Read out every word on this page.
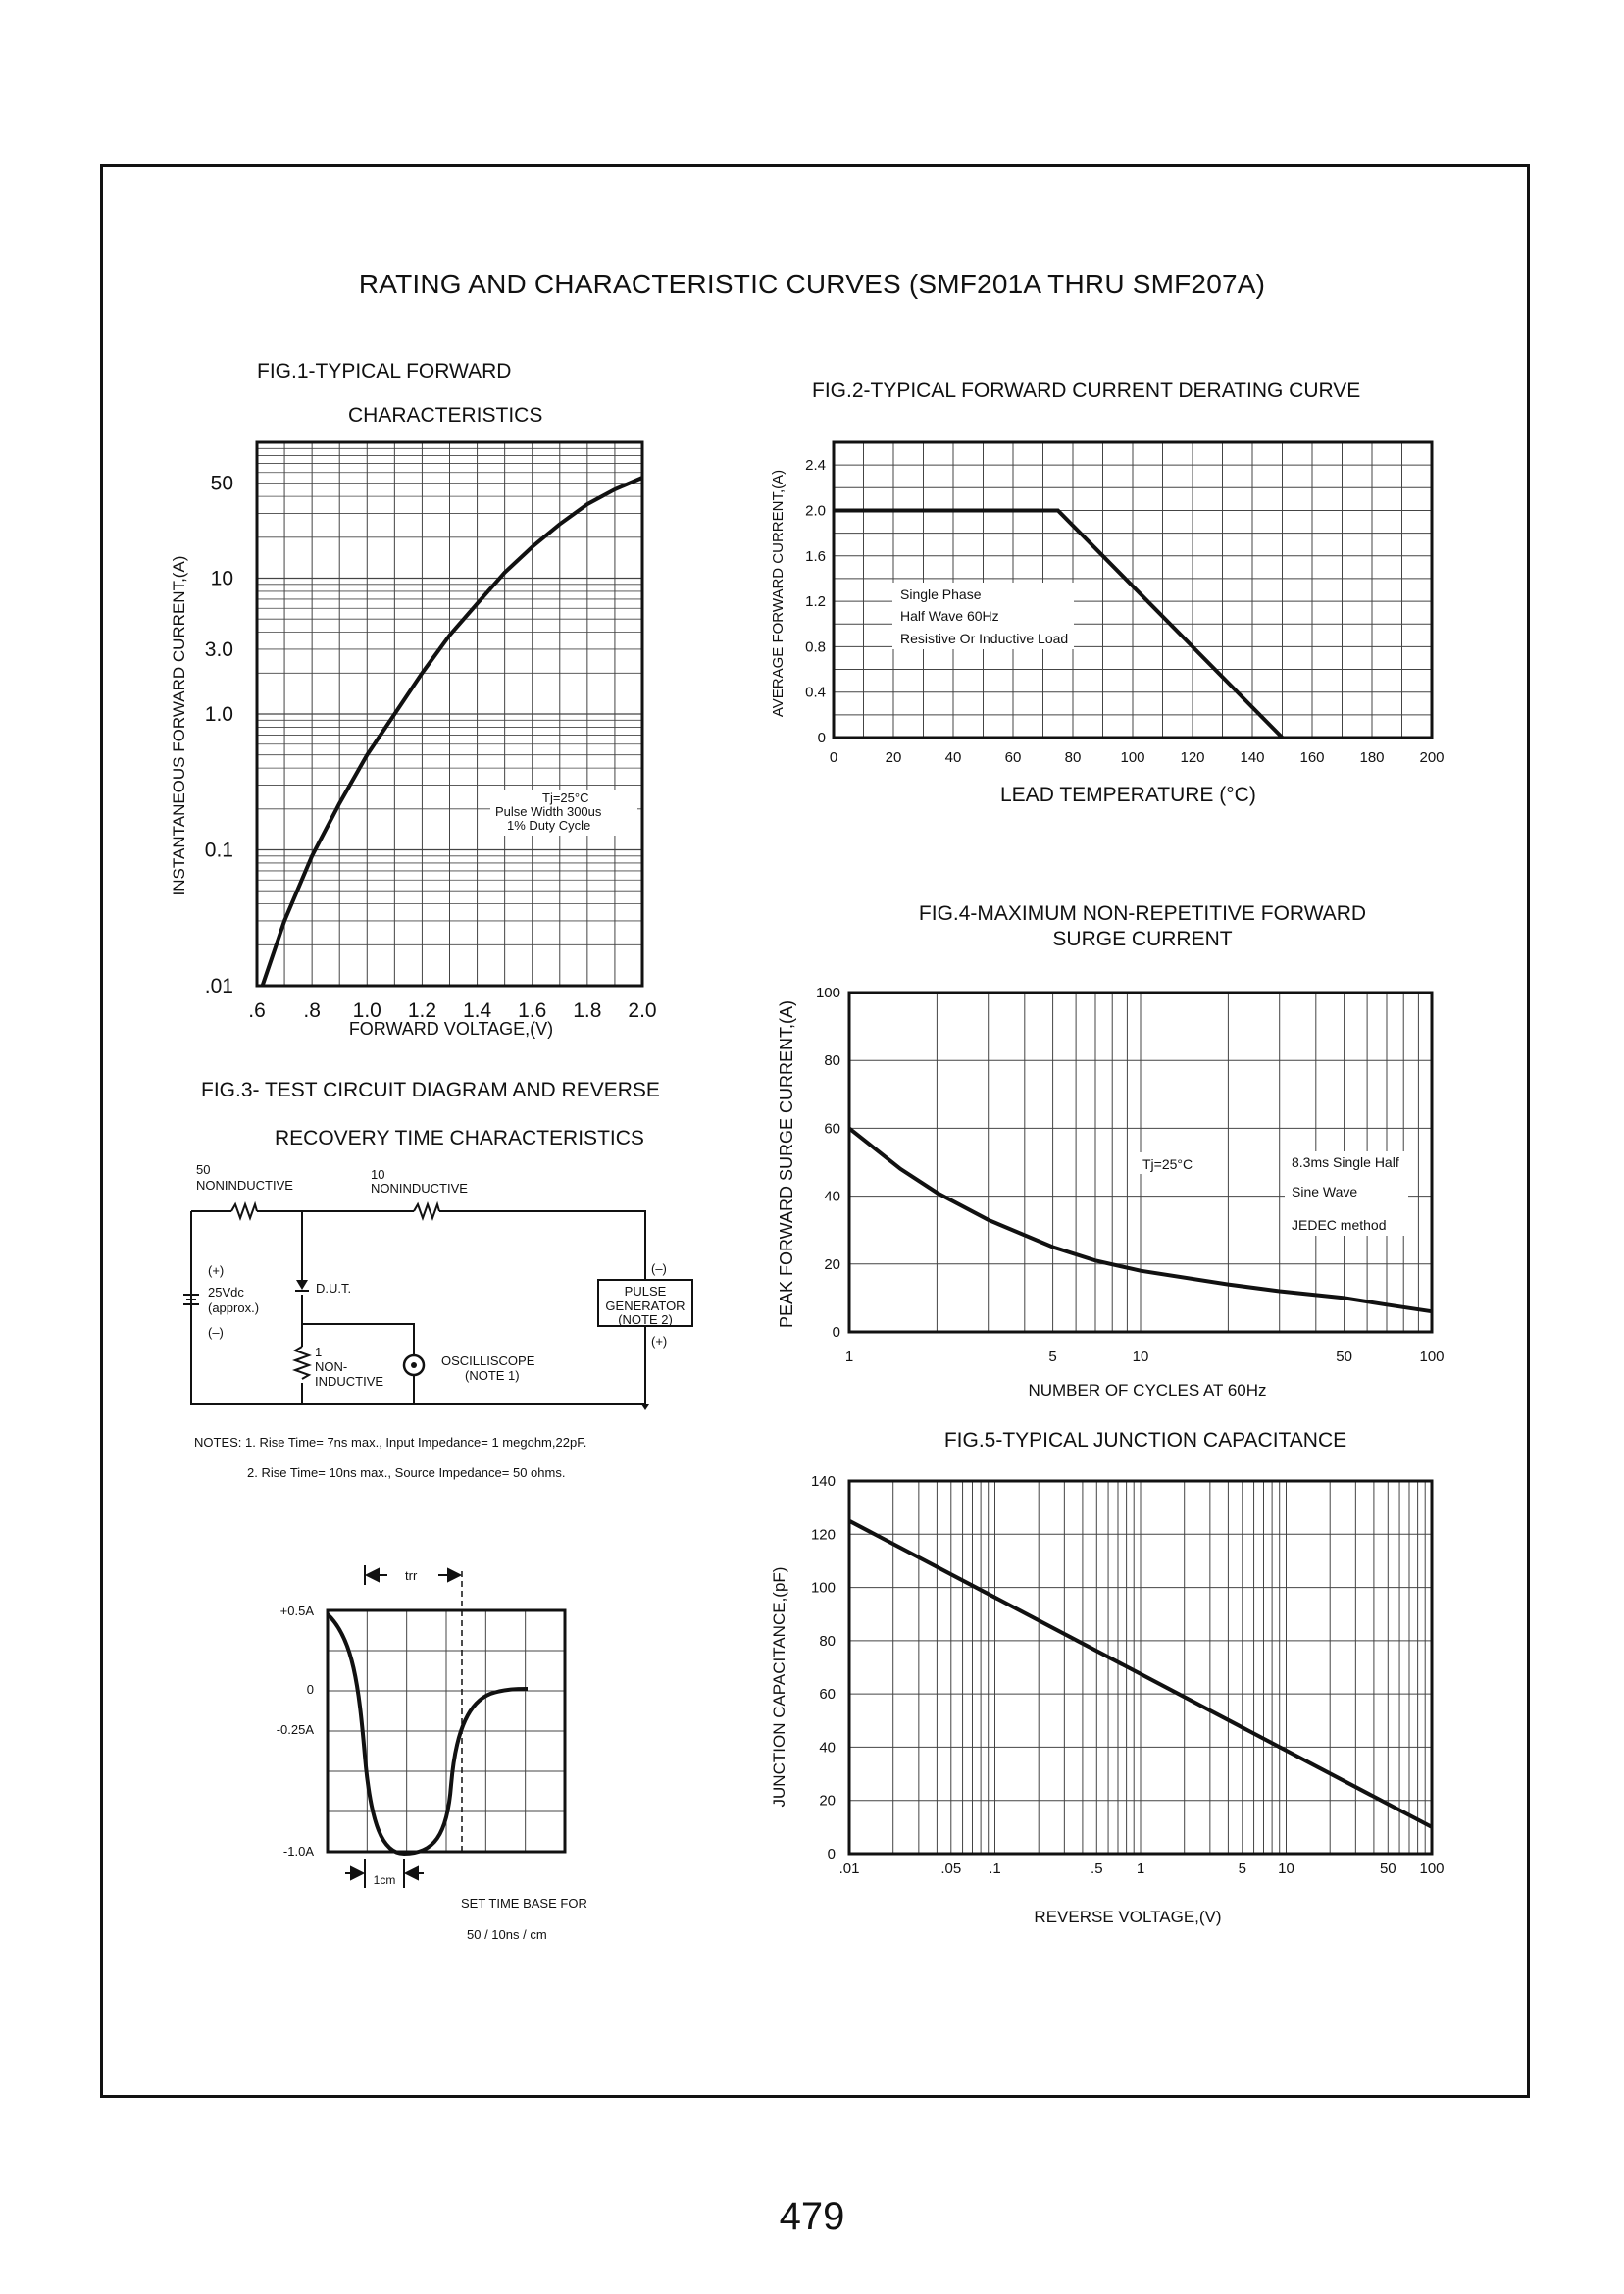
RATING AND CHARACTERISTIC CURVES (SMF201A THRU SMF207A)
479
FIG.1-TYPICAL FORWARD
CHARACTERISTICS
FORWARD VOLTAGE,(V)
INSTANTANEOUS FORWARD CURRENT,(A)
.6 .8 1.0 1.2 1.4 1.6 1.8 2.0
50
10
3.0
1.0
0.1
.01
Tj=25°C
Pulse Width 300us
1% Duty Cycle
FIG.2-TYPICAL FORWARD CURRENT DERATING CURVE
LEAD TEMPERATURE (°C)
AVERAGE FORWARD CURRENT,(A)
0	20	40	60	80	100 120 140 160 180 200
0
0.4
0.8
1.2
1.6
2.0
2.4
Single Phase
Half Wave 60Hz
Resistive Or Inductive Load
FIG.4-MAXIMUM NON-REPETITIVE FORWARD
SURGE CURRENT
NUMBER OF CYCLES AT 60Hz
PEAK FORWARD SURGE CURRENT,(A)
1	5	10	50	100
0
20
40
60
80
100
Tj=25°C	8.3ms Single Half
Sine Wave
JEDEC method
FIG.5-TYPICAL JUNCTION CAPACITANCE
REVERSE VOLTAGE,(V)
JUNCTION CAPACITANCE,(pF)
.01	.05 .1	.5 1	5 10	50 100
0
20
40
60
80
100
120
140
FIG.3- TEST CIRCUIT DIAGRAM AND REVERSE
RECOVERY TIME CHARACTERISTICS
50
NONINDUCTIVE
10
NONINDUCTIVE
(+)
25Vdc
(approx.)
(–)
D.U.T.
1
NON-
INDUCTIVE
OSCILLISCOPE
(NOTE 1)
(–)
PULSE
GENERATOR
(NOTE 2)
(+)
NOTES: 1. Rise Time= 7ns max., Input Impedance= 1 megohm,22pF.
2. Rise Time= 10ns max., Source Impedance= 50 ohms.
trr
+0.5A
0
-0.25A
-1.0A
1cm
SET TIME BASE FOR
50 / 10ns / cm
